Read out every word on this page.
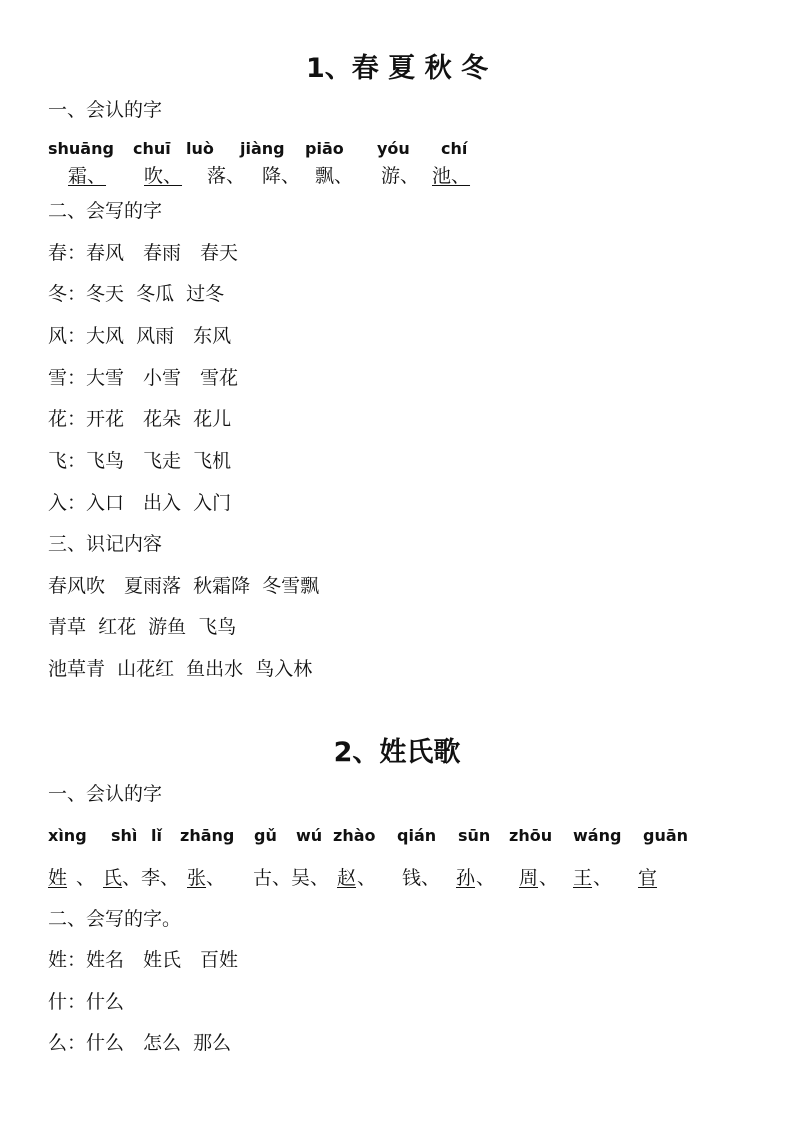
1、春 夏 秋 冬
一、会认的字
shuāng chuī luò jiàng piāo yóu chí
霜、 吹、 落、 降、 飘、 游、 池、
二、会写的字
春：春风　春雨　春天
冬：冬天  冬瓜  过冬
风：大风  风雨　东风
雪：大雪　小雪　雪花
花：开花　花朵  花儿
飞：飞鸟　飞走  飞机
入：入口　出入  入门
三、识记内容
春风吹　夏雨落  秋霜降  冬雪飘
青草  红花  游鱼  飞鸟
池草青  山花红  鱼出水  鸟入林
2、姓氏歌
一、会认的字
xìng shì lǐ zhāng gǔ wú zhào qián sūn zhōu wáng guān
姓 、 氏 、李、 张 、 古、吴、 赵 、 钱、 孙 、 周 、 王 、 官
二、会写的字。
姓：姓名　姓氏　百姓
什：什么
么：什么　怎么  那么
